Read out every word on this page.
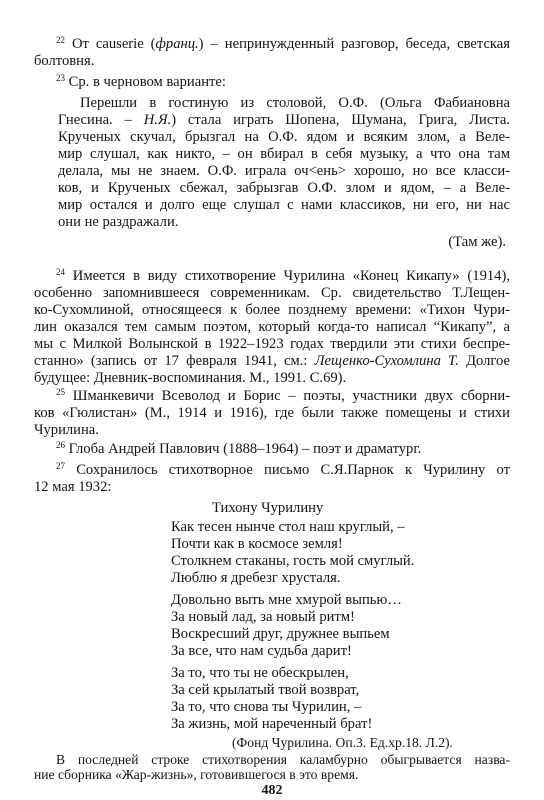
$^{22}$ От causerie (франц.) – непринужденный разговор, беседа, светская
болтовня.
$^{23}$ Ср. в черновом варианте:
Перешли в гостиную из столовой, О.Ф. (Ольга Фабиановна
Гнесина. – Н.Я.) стала играть Шопена, Шумана, Грига, Листа.
Крученых скучал, брызгал на О.Ф. ядом и всяким злом, а Веле-
мир слушал, как никто, – он вбирал в себя музыку, а что она там
делала, мы не знаем. О.Ф. играла оч<ень> хорошо, но все класси-
ков, и Крученых сбежал, забрызгав О.Ф. злом и ядом, – а Веле-
мир остался и долго еще слушал с нами классиков, ни его, ни нас
они не раздражали.
(Там же).
$^{24}$ Имеется в виду стихотворение Чурилина «Конец Кикапу» (1914),
особенно запомнившееся современникам. Ср. свидетельство Т.Лещен-
ко-Сухомлиной, относящееся к более позднему времени: «Тихон Чури-
лин оказался тем самым поэтом, который когда-то написал “Кикапу”, а
мы с Милкой Волынской в 1922–1923 годах твердили эти стихи беспре-
станно» (запись от 17 февраля 1941, см.: Лещенко-Сухомлина Т. Долгое
будущее: Дневник-воспоминания. М., 1991. С.69).
$^{25}$ Шманкевичи Всеволод и Борис – поэты, участники двух сборни-
ков «Гюлистан» (М., 1914 и 1916), где были также помещены и стихи
Чурилина.
$^{26}$ Глоба Андрей Павлович (1888–1964) – поэт и драматург.
$^{27}$ Сохранилось стихотворное письмо С.Я.Парнок к Чурилину от
12 мая 1932:
Тихону Чурилину
Как тесен нынче стол наш круглый, –
Почти как в космосе земля!
Столкнем стаканы, гость мой смуглый.
Люблю я дребезг хрусталя.
Довольно выть мне хмурой выпью…
За новый лад, за новый ритм!
Воскресший друг, дружнее выпьем
За все, что нам судьба дарит!
За то, что ты не обескрылен,
За сей крылатый твой возврат,
За то, что снова ты Чурилин, –
За жизнь, мой нареченный брат!
(Фонд Чурилина. Оп.3. Ед.хр.18. Л.2).
В последней строке стихотворения каламбурно обыгрывается назва-
ние сборника «Жар-жизнь», готовившегося в это время.
482
